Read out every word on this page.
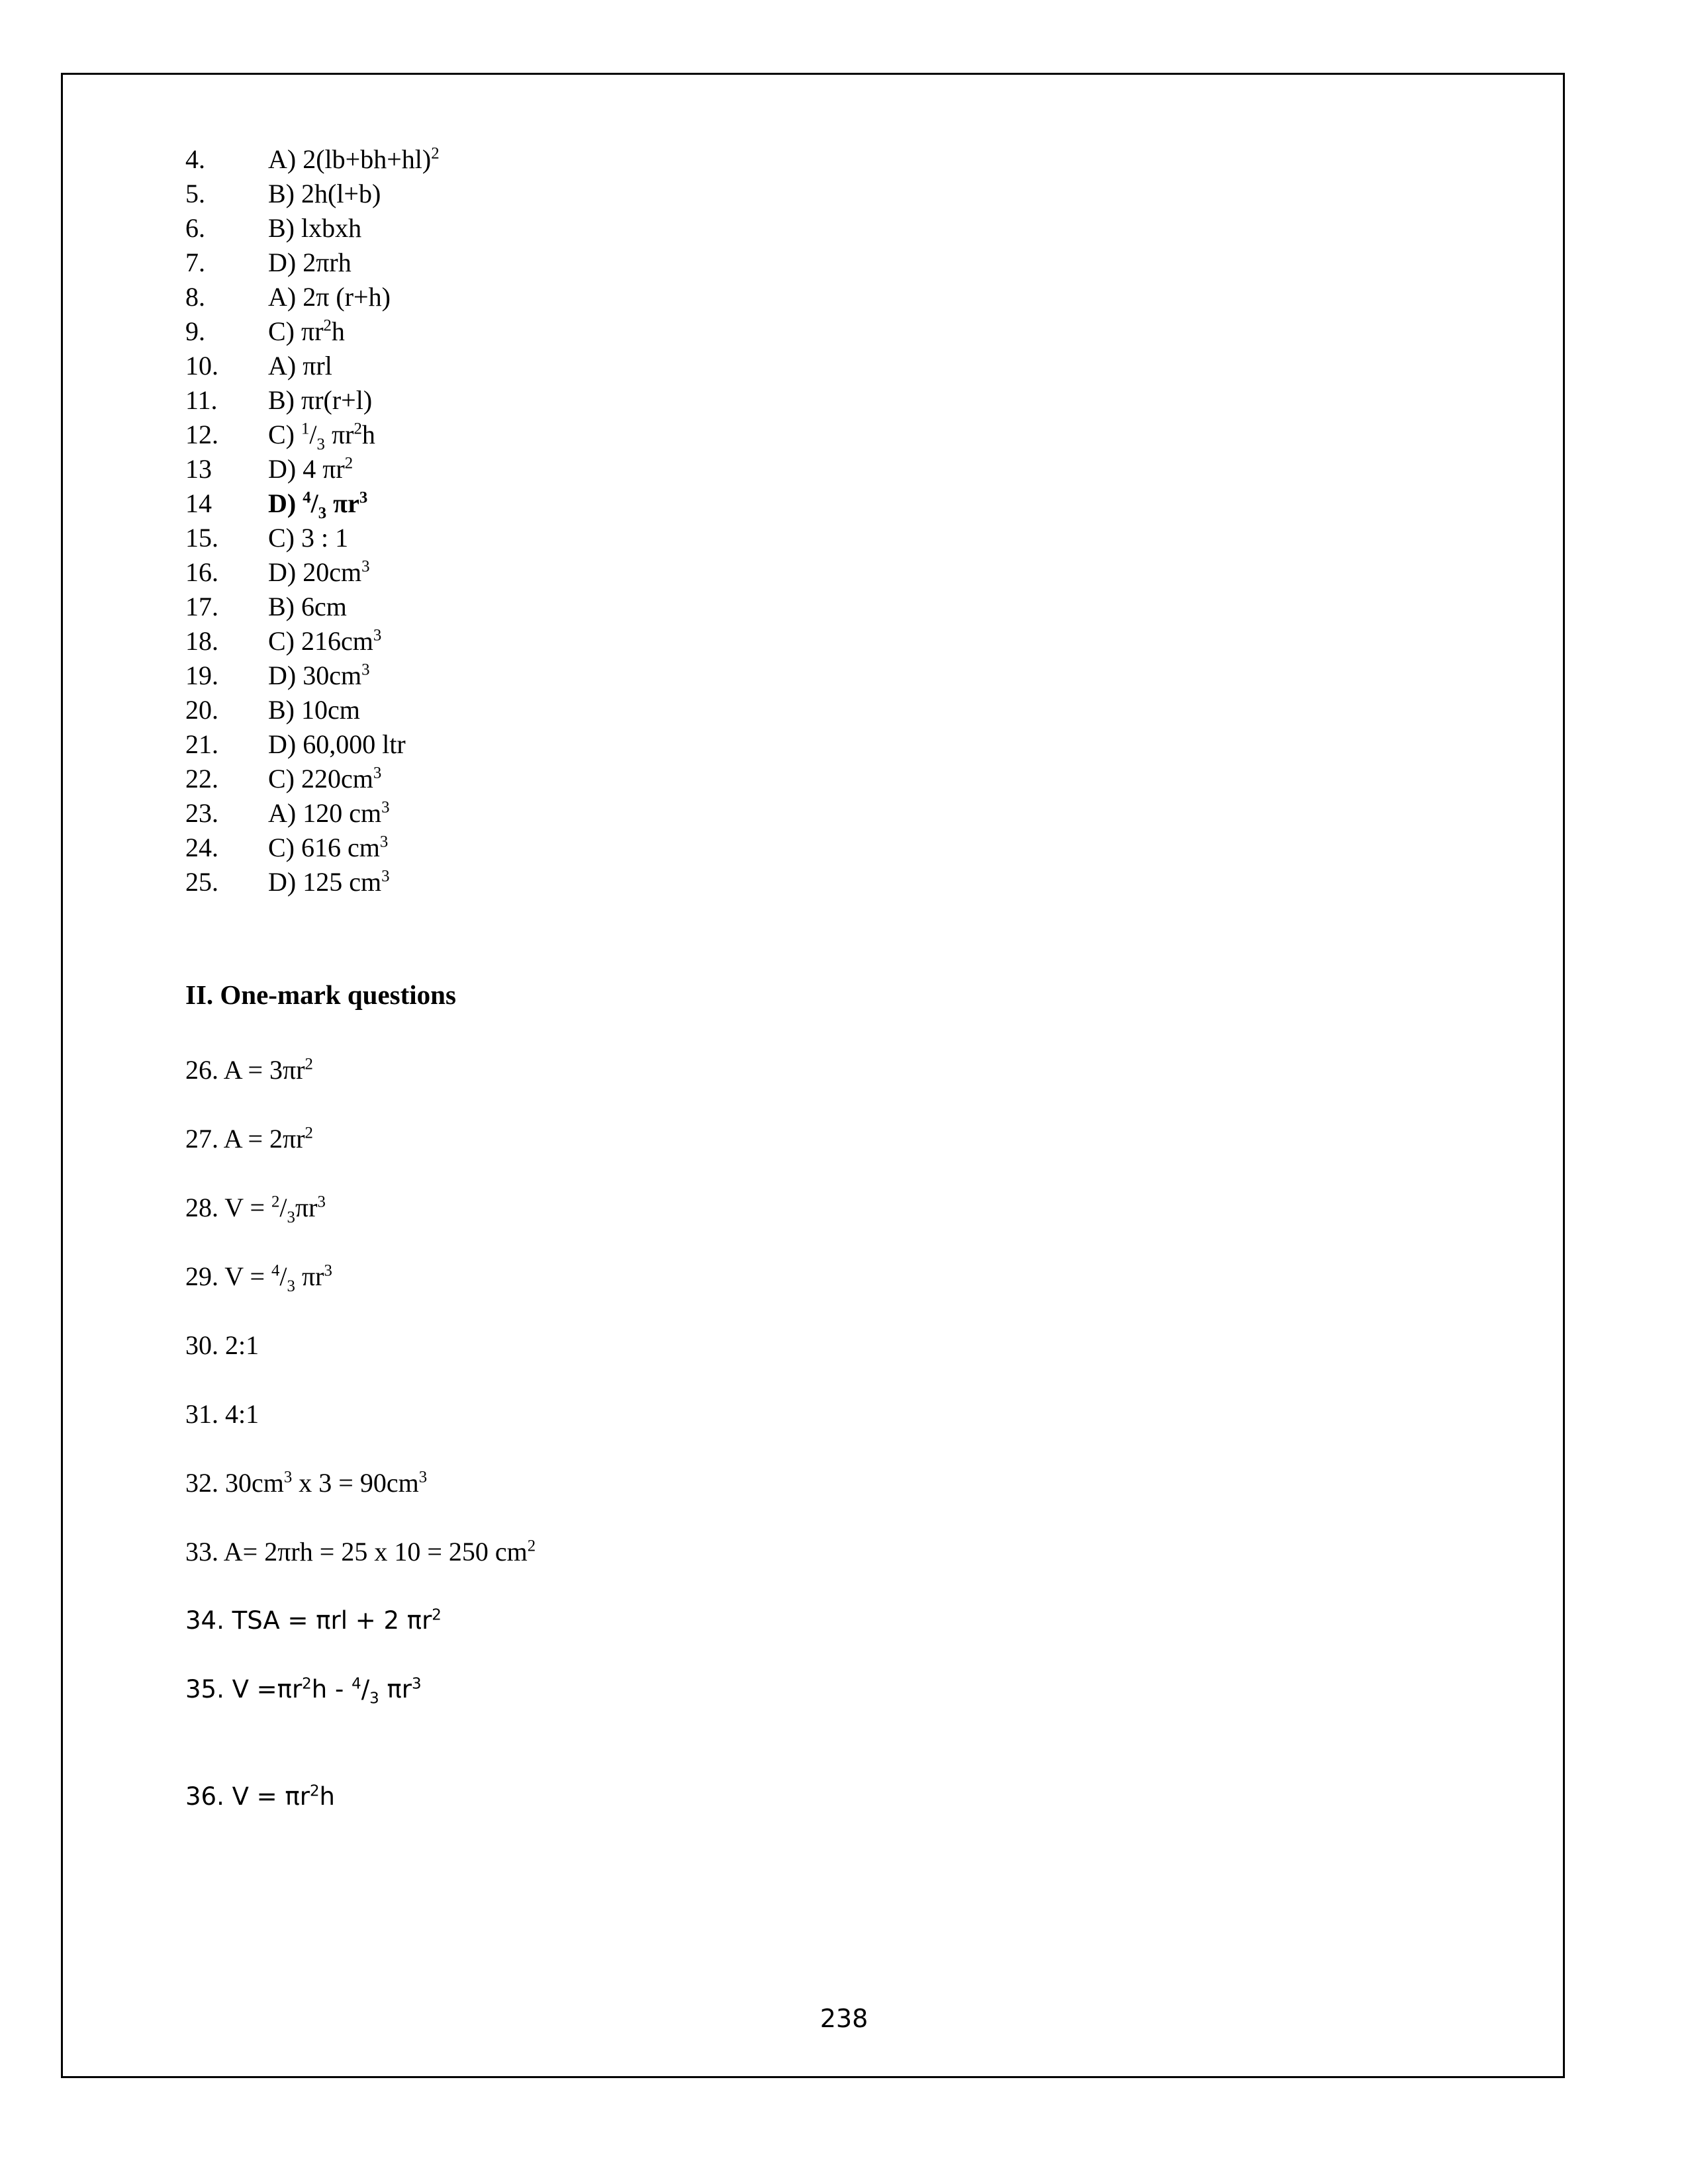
4.	A) $2(lb+bh+hl)^2$
5.	B) 2h(l+b)
6.	B) lxbxh
7.	D) 2πrh
8.	A) 2π (r+h)
9.	C) $\pi r^2h$
10.	A) πrl
11.	B) πr(r+l)
12.	C) $^1/_3$ $\pi r^2h$
13	D) 4 $\pi r^2$
14	D) $^4/_3$ $\pi r^3$
15.	C) 3 : 1
16.	D) $20cm^3$
17.	B) 6cm
18.	C) $216cm^3$
19.	D) $30cm^3$
20.	B) 10cm
21.	D) 60,000 ltr
22.	C) $220cm^3$
23.	A) 120 $cm^3$
24.	C) 616 $cm^3$
25.	D) 125 $cm^3$
II. One-mark questions
26. $A = 3\pi r^2$
27. $A = 2\pi r^2$
28. $V = ^2/_3\pi r^3$
29. $V = ^4/_3$ $\pi r^3$
30. 2:1
31. 4:1
32. $30cm^3$ x $3 = 90cm^3$
33. A= 2πrh = 25 x 10 = 250 $cm^2$
34. TSA = πrl + 2 $\pi r^2$
35. $V =\pi r^2h - ^4/_3$ $\pi r^3$
36. $V = \pi r^2h$
238
